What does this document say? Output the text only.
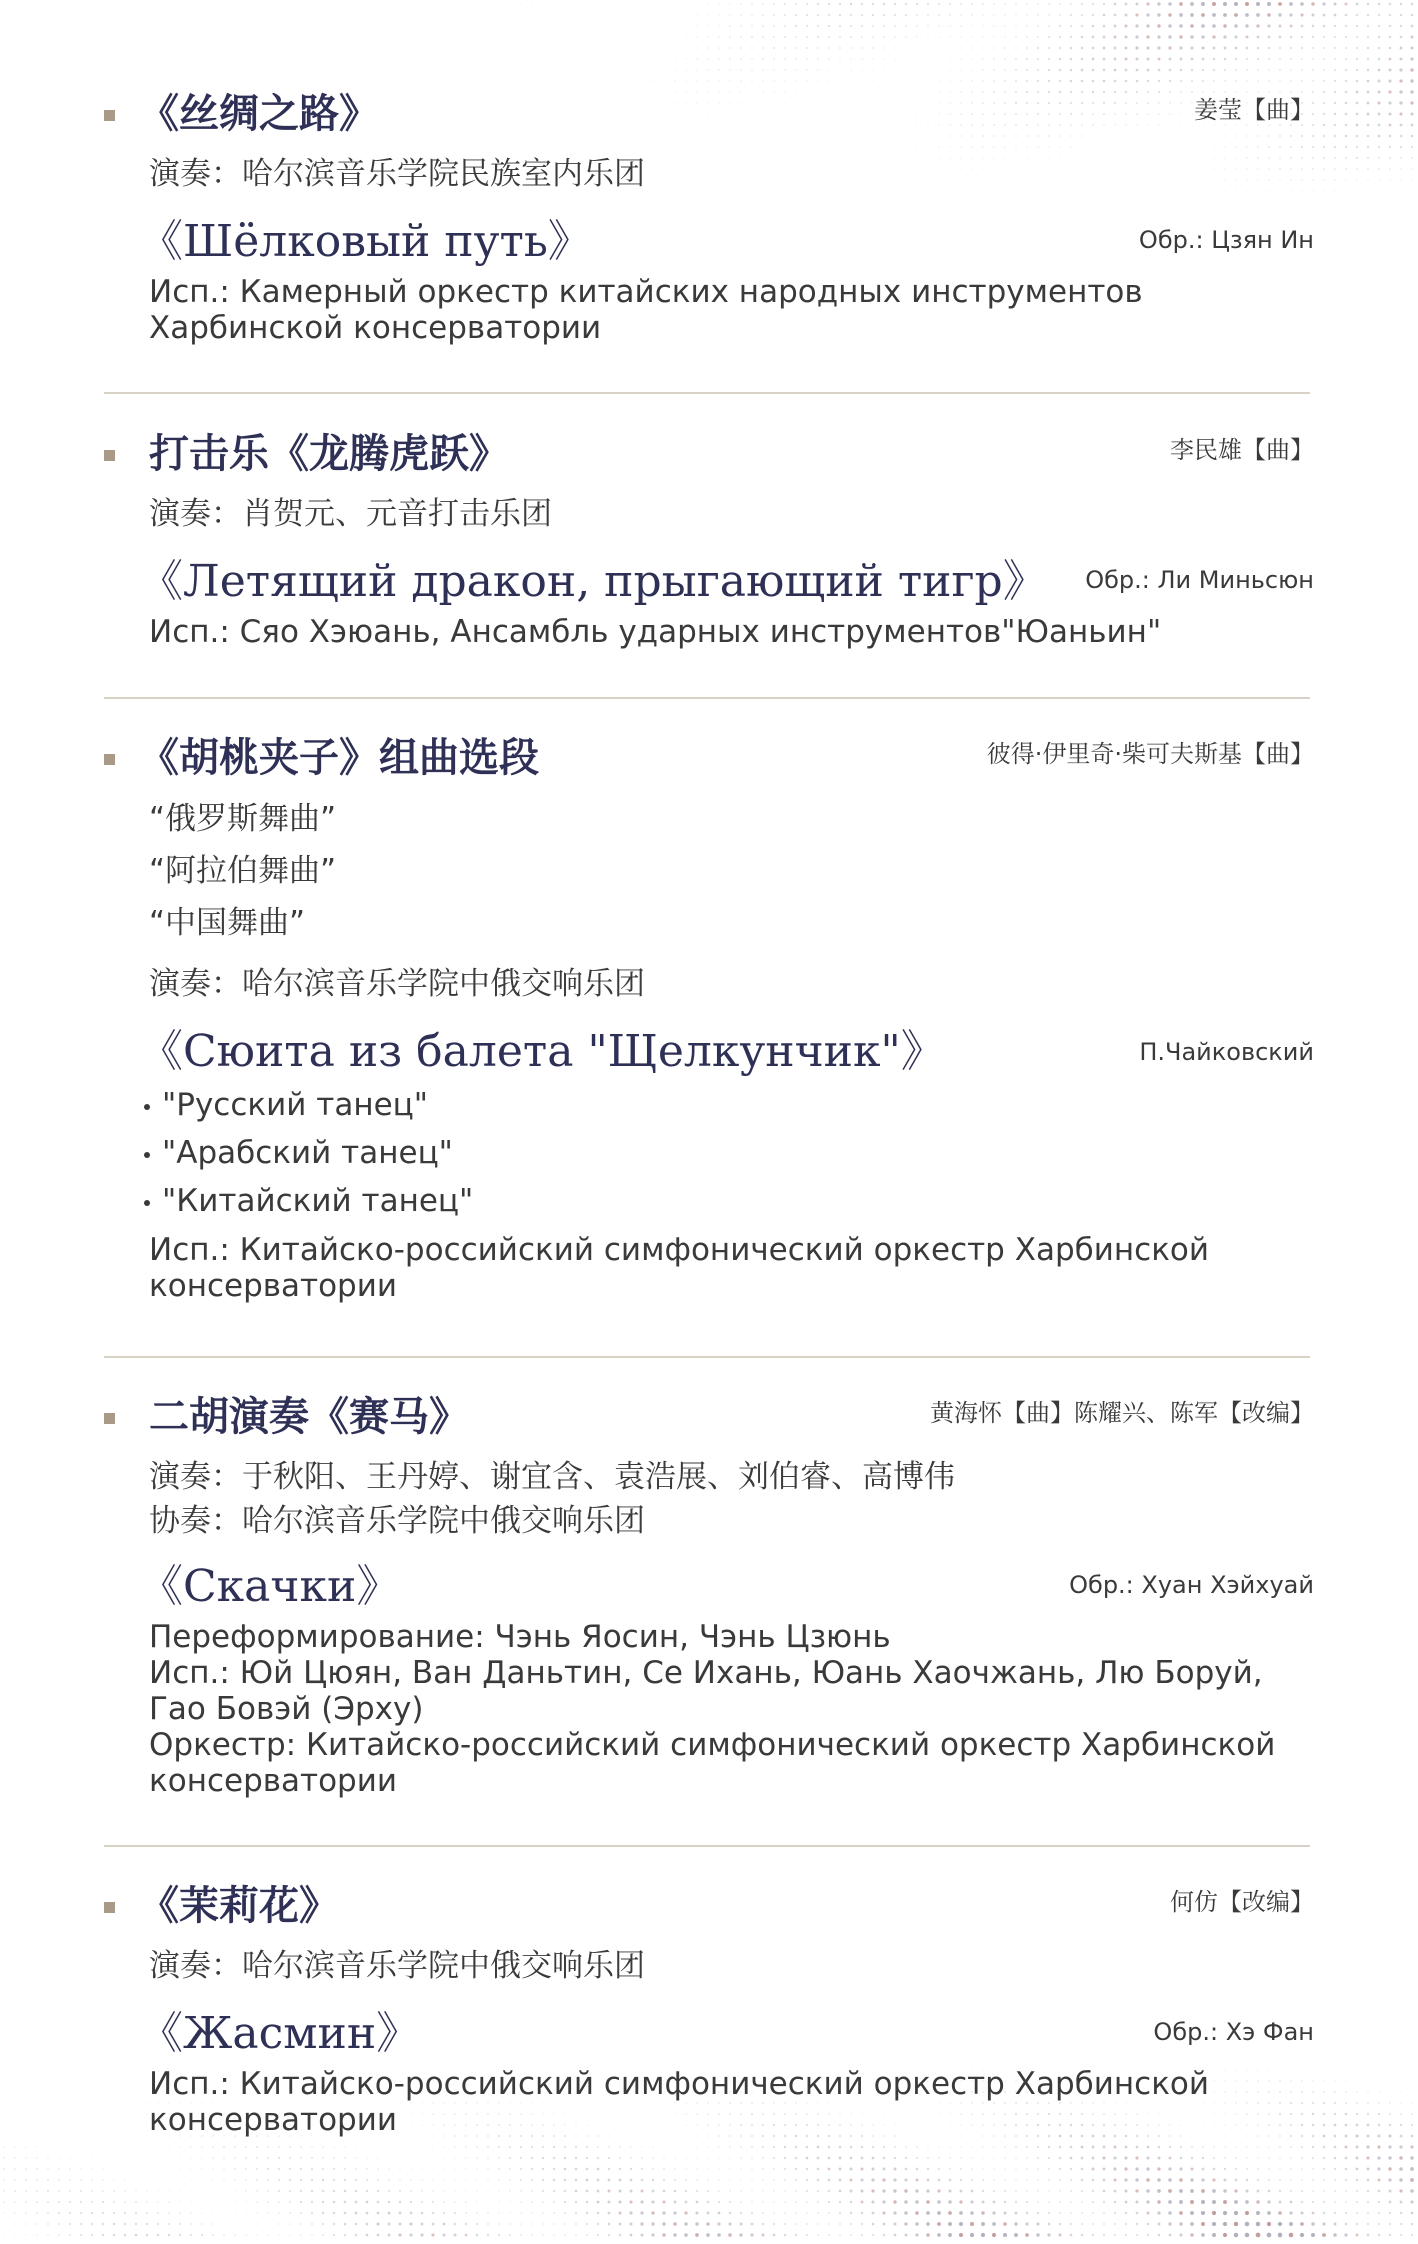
《丝绸之路》	姜莹【曲】
演奏：哈尔滨音乐学院民族室内乐团
《Шёлковый путь》	Обр.: Цзян Ин
Исп.: Камерный оркестр китайских народных инструментов Харбинской консерватории
打击乐《龙腾虎跃》	李民雄【曲】
演奏：肖贺元、元音打击乐团
《Летящий дракон, прыгающий тигр》 Обр.: Ли Миньсюн
Исп.: Сяо Хэюань, Ансамбль ударных инструментов"Юаньин"
《胡桃夹子》组曲选段	彼得·伊里奇·柴可夫斯基【曲】
“俄罗斯舞曲”
“阿拉伯舞曲”
“中国舞曲”
演奏：哈尔滨音乐学院中俄交响乐团
《Сюита из балета "Щелкунчик"》	П.Чайковский
"Русский танец"
"Арабский танец"
"Китайский танец"
Исп.: Китайско-российский симфонический оркестр Харбинской консерватории
二胡演奏《赛马》	黄海怀【曲】陈耀兴、陈军【改编】
演奏：于秋阳、王丹婷、谢宜含、袁浩展、刘伯睿、高博伟
协奏：哈尔滨音乐学院中俄交响乐团
《Скачки》	Обр.: Хуан Хэйхуай
Переформирование: Чэнь Яосин, Чэнь Цзюнь
Исп.: Юй Цюян, Ван Даньтин, Се Ихань, Юань Хаочжань, Лю Боруй, Гао Бовэй (Эрху)
Оркестр: Китайско-российский симфонический оркестр Харбинской консерватории
《茉莉花》	何仿【改编】
演奏：哈尔滨音乐学院中俄交响乐团
《Жасмин》	Обр.: Хэ Фан
Исп.: Китайско-российский симфонический оркестр Харбинской консерватории
